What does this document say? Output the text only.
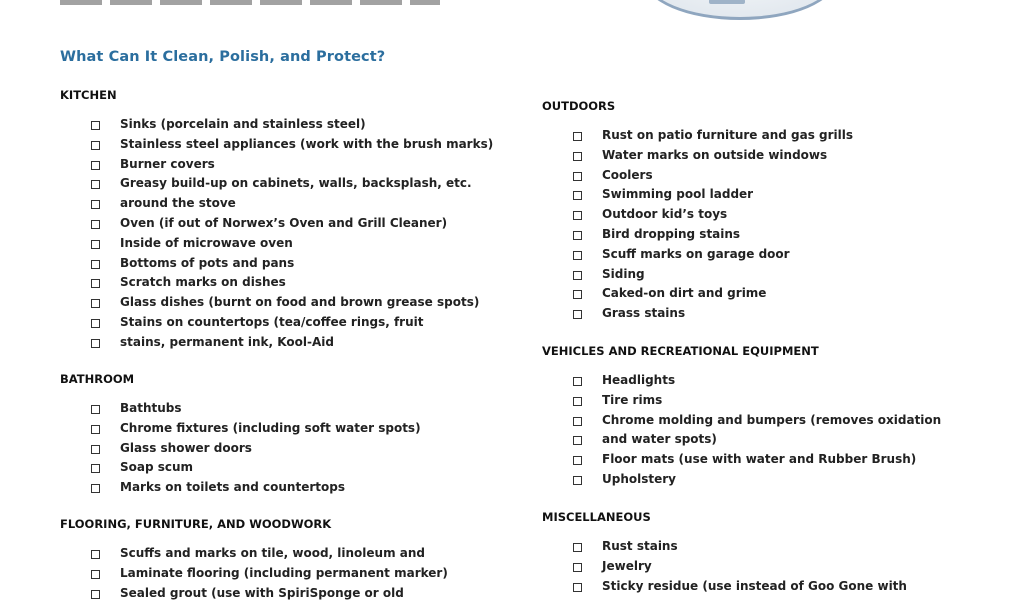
What Can It Clean, Polish, and Protect?
KITCHEN
Sinks (porcelain and stainless steel)
Stainless steel appliances (work with the brush marks)
Burner covers
Greasy build-up on cabinets, walls, backsplash, etc.
around the stove
Oven (if out of Norwex’s Oven and Grill Cleaner)
Inside of microwave oven
Bottoms of pots and pans
Scratch marks on dishes
Glass dishes (burnt on food and brown grease spots)
Stains on countertops (tea/coffee rings, fruit
stains, permanent ink, Kool-Aid
BATHROOM
Bathtubs
Chrome fixtures (including soft water spots)
Glass shower doors
Soap scum
Marks on toilets and countertops
FLOORING, FURNITURE, AND WOODWORK
Scuffs and marks on tile, wood, linoleum and
Laminate flooring (including permanent marker)
Sealed grout (use with SpiriSponge or old
OUTDOORS
Rust on patio furniture and gas grills
Water marks on outside windows
Coolers
Swimming pool ladder
Outdoor kid’s toys
Bird dropping stains
Scuff marks on garage door
Siding
Caked-on dirt and grime
Grass stains
VEHICLES AND RECREATIONAL EQUIPMENT
Headlights
Tire rims
Chrome molding and bumpers (removes oxidation
and water spots)
Floor mats (use with water and Rubber Brush)
Upholstery
MISCELLANEOUS
Rust stains
Jewelry
Sticky residue (use instead of Goo Gone with
